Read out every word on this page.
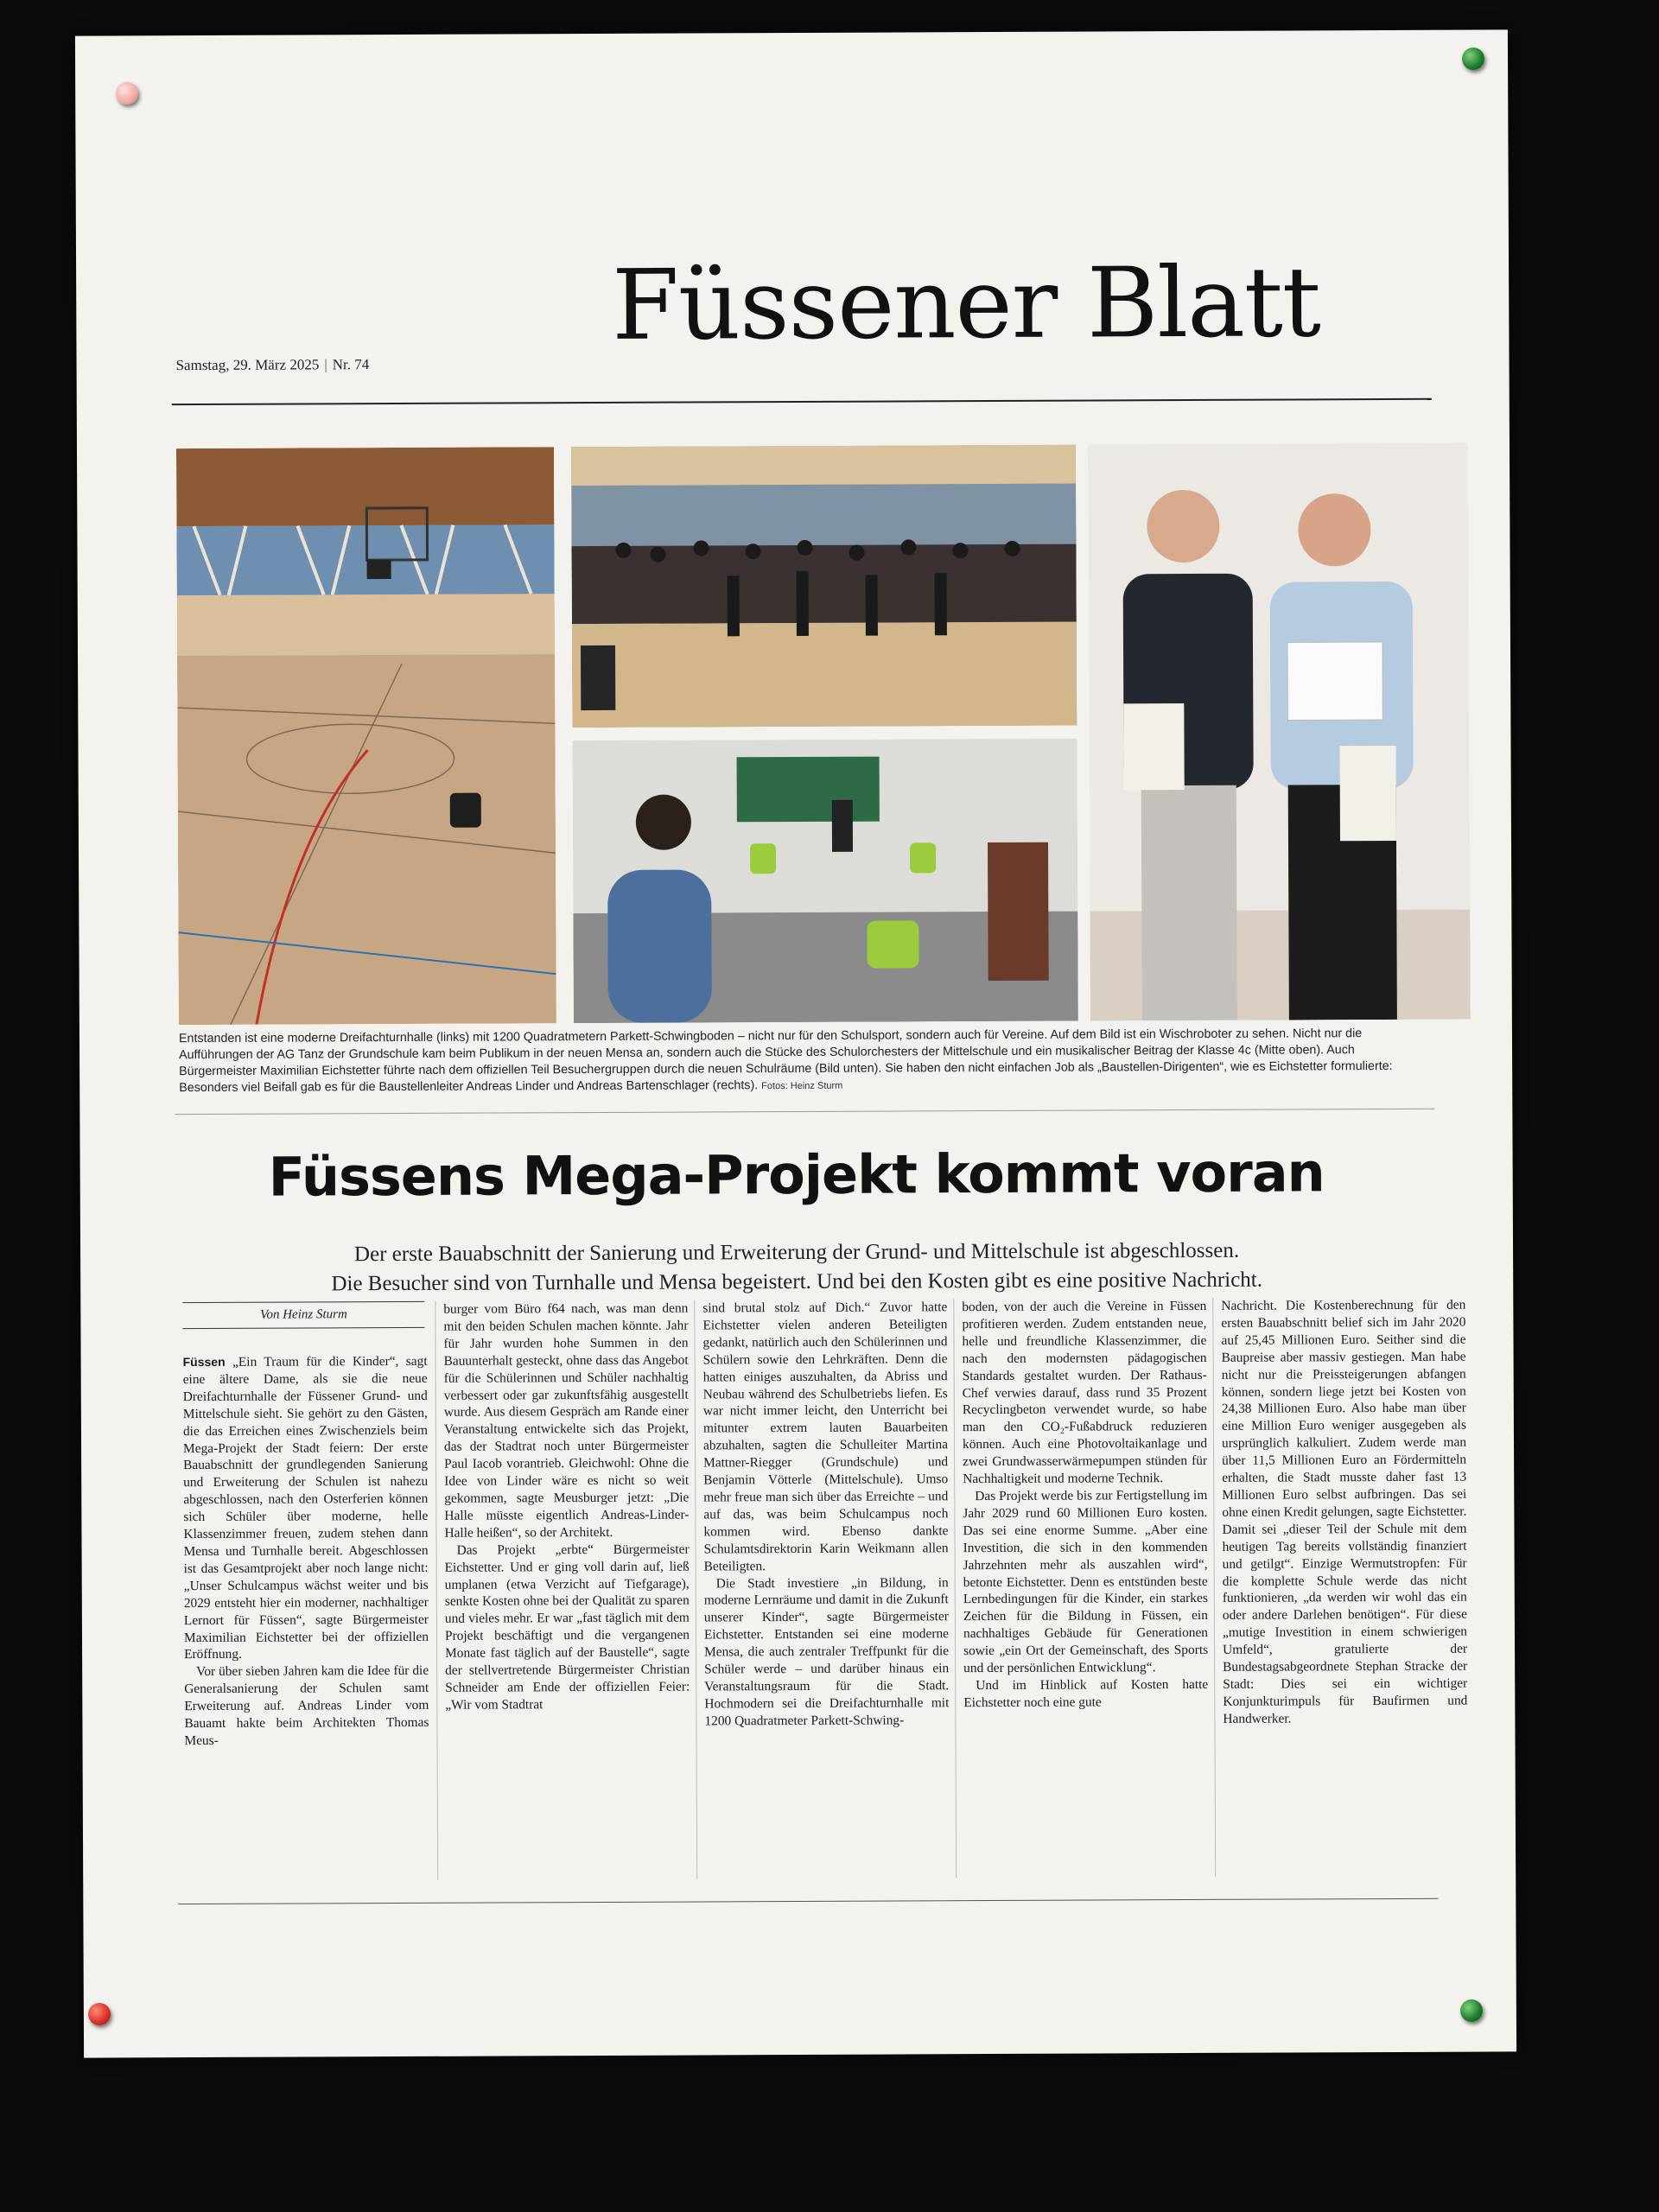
Füssener Blatt
Samstag, 29. März 2025 | Nr. 74
Entstanden ist eine moderne Dreifachturnhalle (links) mit 1200 Quadratmetern Parkett-Schwingboden – nicht nur für den Schulsport, sondern auch für Vereine. Auf dem Bild ist ein Wischroboter zu sehen. Nicht nur die Aufführungen der AG Tanz der Grundschule kam beim Publikum in der neuen Mensa an, sondern auch die Stücke des Schulorchesters der Mittelschule und ein musikalischer Beitrag der Klasse 4c (Mitte oben). Auch Bürgermeister Maximilian Eichstetter führte nach dem offiziellen Teil Besuchergruppen durch die neuen Schulräume (Bild unten). Sie haben den nicht einfachen Job als „Baustellen-Dirigenten“, wie es Eichstetter formulierte: Besonders viel Beifall gab es für die Baustellenleiter Andreas Linder und Andreas Bartenschlager (rechts). Fotos: Heinz Sturm
Füssens Mega-Projekt kommt voran
Der erste Bauabschnitt der Sanierung und Erweiterung der Grund- und Mittelschule ist abgeschlossen.
Die Besucher sind von Turnhalle und Mensa begeistert. Und bei den Kosten gibt es eine positive Nachricht.
Von Heinz Sturm

Füssen „Ein Traum für die Kinder“, sagt eine ältere Dame, als sie die neue Dreifachturnhalle der Füssener Grund- und Mittelschule sieht. Sie gehört zu den Gästen, die das Erreichen eines Zwischenziels beim Mega-Projekt der Stadt feiern: Der erste Bauabschnitt der grundlegenden Sanierung und Erweiterung der Schulen ist nahezu abgeschlossen, nach den Osterferien können sich Schüler über moderne, helle Klassenzimmer freuen, zudem stehen dann Mensa und Turnhalle bereit. Abgeschlossen ist das Gesamtprojekt aber noch lange nicht: „Unser Schulcampus wächst weiter und bis 2029 entsteht hier ein moderner, nachhaltiger Lernort für Füssen“, sagte Bürgermeister Maximilian Eichstetter bei der offiziellen Eröffnung.

Vor über sieben Jahren kam die Idee für die Generalsanierung der Schulen samt Erweiterung auf. Andreas Linder vom Bauamt hakte beim Architekten Thomas Meus-

burger vom Büro f64 nach, was man denn mit den beiden Schulen machen könnte. Jahr für Jahr wurden hohe Summen in den Bauunterhalt gesteckt, ohne dass das Angebot für die Schülerinnen und Schüler nachhaltig verbessert oder gar zukunftsfähig ausgestellt wurde. Aus diesem Gespräch am Rande einer Veranstaltung entwickelte sich das Projekt, das der Stadtrat noch unter Bürgermeister Paul Iacob vorantrieb. Gleichwohl: Ohne die Idee von Linder wäre es nicht so weit gekommen, sagte Meusburger jetzt: „Die Halle müsste eigentlich Andreas-Linder-Halle heißen“, so der Architekt.

Das Projekt „erbte“ Bürgermeister Eichstetter. Und er ging voll darin auf, ließ umplanen (etwa Verzicht auf Tiefgarage), senkte Kosten ohne bei der Qualität zu sparen und vieles mehr. Er war „fast täglich mit dem Projekt beschäftigt und die vergangenen Monate fast täglich auf der Baustelle“, sagte der stellvertretende Bürgermeister Christian Schneider am Ende der offiziellen Feier: „Wir vom Stadtrat

sind brutal stolz auf Dich.“ Zuvor hatte Eichstetter vielen anderen Beteiligten gedankt, natürlich auch den Schülerinnen und Schülern sowie den Lehrkräften. Denn die hatten einiges auszuhalten, da Abriss und Neubau während des Schulbetriebs liefen. Es war nicht immer leicht, den Unterricht bei mitunter extrem lauten Bauarbeiten abzuhalten, sagten die Schulleiter Martina Mattner-Riegger (Grundschule) und Benjamin Vötterle (Mittelschule). Umso mehr freue man sich über das Erreichte – und auf das, was beim Schulcampus noch kommen wird. Ebenso dankte Schulamtsdirektorin Karin Weikmann allen Beteiligten.

Die Stadt investiere „in Bildung, in moderne Lernräume und damit in die Zukunft unserer Kinder“, sagte Bürgermeister Eichstetter. Entstanden sei eine moderne Mensa, die auch zentraler Treffpunkt für die Schüler werde – und darüber hinaus ein Veranstaltungsraum für die Stadt. Hochmodern sei die Dreifachturnhalle mit 1200 Quadratmeter Parkett-Schwing-

boden, von der auch die Vereine in Füssen profitieren werden. Zudem entstanden neue, helle und freundliche Klassenzimmer, die nach den modernsten pädagogischen Standards gestaltet wurden. Der Rathaus-Chef verwies darauf, dass rund 35 Prozent Recyclingbeton verwendet wurde, so habe man den CO₂-Fußabdruck reduzieren können. Auch eine Photovoltaikanlage und zwei Grundwasserwärmepumpen stünden für Nachhaltigkeit und moderne Technik.

Das Projekt werde bis zur Fertigstellung im Jahr 2029 rund 60 Millionen Euro kosten. Das sei eine enorme Summe. „Aber eine Investition, die sich in den kommenden Jahrzehnten mehr als auszahlen wird“, betonte Eichstetter. Denn es entstünden beste Lernbedingungen für die Kinder, ein starkes Zeichen für die Bildung in Füssen, ein nachhaltiges Gebäude für Generationen sowie „ein Ort der Gemeinschaft, des Sports und der persönlichen Entwicklung“.

Und im Hinblick auf Kosten hatte Eichstetter noch eine gute

Nachricht. Die Kostenberechnung für den ersten Bauabschnitt belief sich im Jahr 2020 auf 25,45 Millionen Euro. Seither sind die Baupreise aber massiv gestiegen. Man habe nicht nur die Preissteigerungen abfangen können, sondern liege jetzt bei Kosten von 24,38 Millionen Euro. Also habe man über eine Million Euro weniger ausgegeben als ursprünglich kalkuliert. Zudem werde man über 11,5 Millionen Euro an Fördermitteln erhalten, die Stadt musste daher fast 13 Millionen Euro selbst aufbringen. Das sei ohne einen Kredit gelungen, sagte Eichstetter. Damit sei „dieser Teil der Schule mit dem heutigen Tag bereits vollständig finanziert und getilgt“. Einzige Wermutstropfen: Für die komplette Schule werde das nicht funktionieren, „da werden wir wohl das ein oder andere Darlehen benötigen“. Für diese „mutige Investition in einem schwierigen Umfeld“, gratulierte der Bundestagsabgeordnete Stephan Stracke der Stadt: Dies sei ein wichtiger Konjunkturimpuls für Baufirmen und Handwerker.
